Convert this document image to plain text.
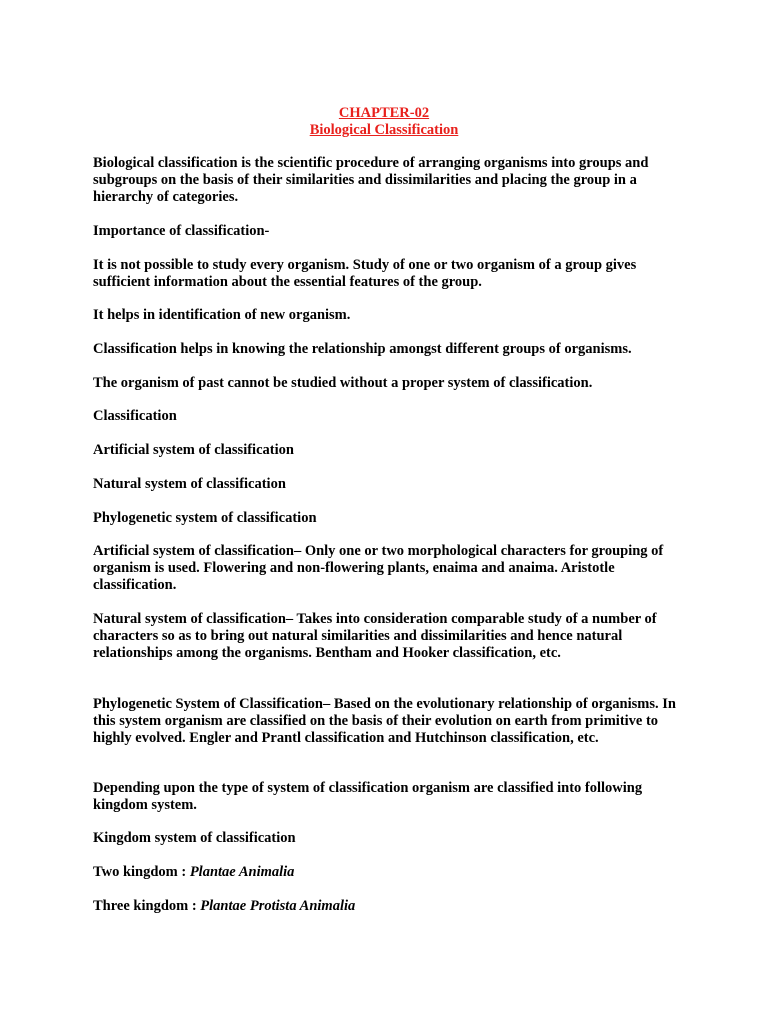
CHAPTER-02
Biological Classification
Biological classification is the scientific procedure of arranging organisms into groups and subgroups on the basis of their similarities and dissimilarities and placing the group in a hierarchy of categories.
Importance of classification-
It is not possible to study every organism. Study of one or two organism of a group gives sufficient information about the essential features of the group.
It helps in identification of new organism.
Classification helps in knowing the relationship amongst different groups of organisms.
The organism of past cannot be studied without a proper system of classification.
Classification
Artificial system of classification
Natural system of classification
Phylogenetic system of classification
Artificial system of classification– Only one or two morphological characters for grouping of organism is used. Flowering and non-flowering plants, enaima and anaima. Aristotle classification.
Natural system of classification– Takes into consideration comparable study of a number of characters so as to bring out natural similarities and dissimilarities and hence natural relationships among the organisms. Bentham and Hooker classification, etc.
Phylogenetic System of Classification– Based on the evolutionary relationship of organisms. In this system organism are classified on the basis of their evolution on earth from primitive to highly evolved. Engler and Prantl classification and Hutchinson classification, etc.
Depending upon the type of system of classification organism are classified into following kingdom system.
Kingdom system of classification
Two kingdom : Plantae Animalia
Three kingdom : Plantae Protista Animalia
